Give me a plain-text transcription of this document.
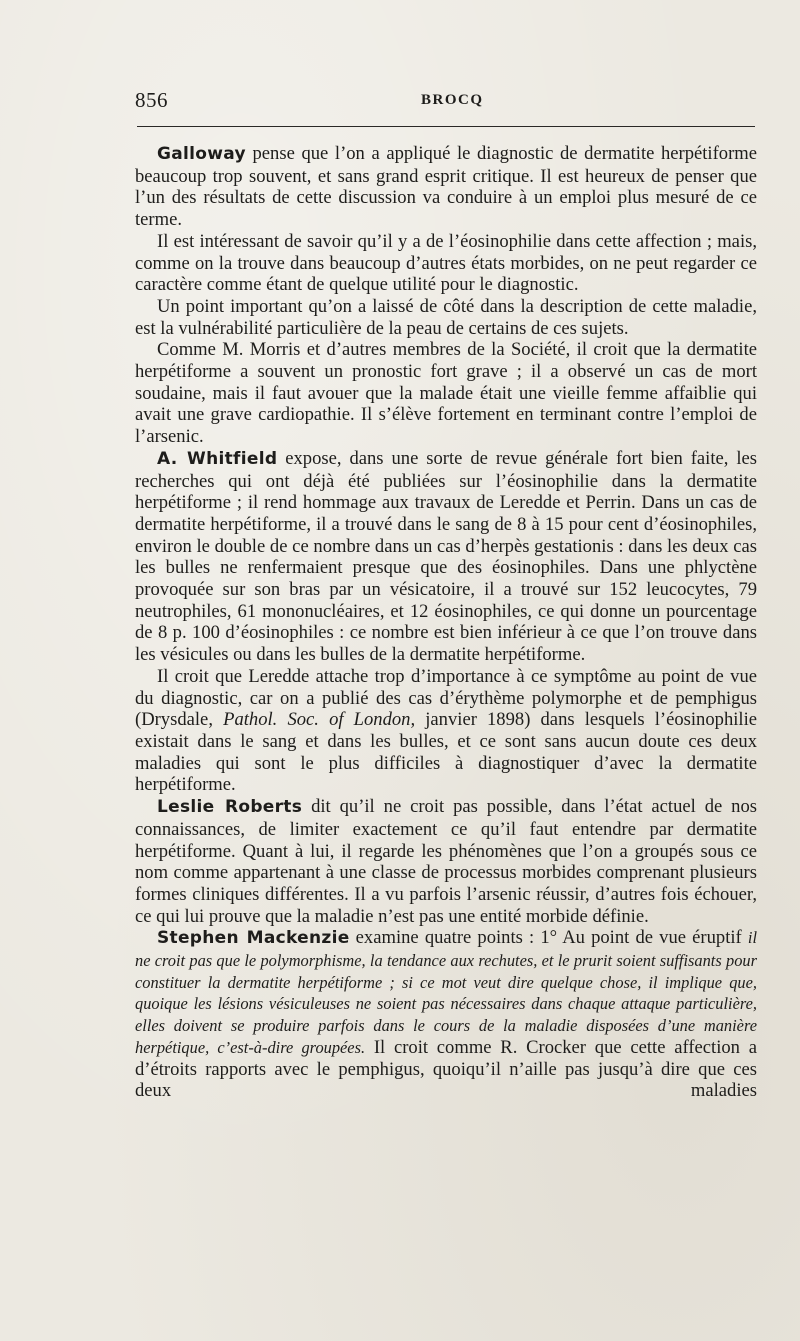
856	BROCQ

Galloway pense que l’on a appliqué le diagnostic de dermatite herpétiforme beaucoup trop souvent, et sans grand esprit critique. Il est heureux de penser que l’un des résultats de cette discussion va conduire à un emploi plus mesuré de ce terme.

Il est intéressant de savoir qu’il y a de l’éosinophilie dans cette affection ; mais, comme on la trouve dans beaucoup d’autres états morbides, on ne peut regarder ce caractère comme étant de quelque utilité pour le diagnostic.

Un point important qu’on a laissé de côté dans la description de cette maladie, est la vulnérabilité particulière de la peau de certains de ces sujets.

Comme M. Morris et d’autres membres de la Société, il croit que la dermatite herpétiforme a souvent un pronostic fort grave ; il a observé un cas de mort soudaine, mais il faut avouer que la malade était une vieille femme affaiblie qui avait une grave cardiopathie. Il s’élève fortement en terminant contre l’emploi de l’arsenic.

A. Whitfield expose, dans une sorte de revue générale fort bien faite, les recherches qui ont déjà été publiées sur l’éosinophilie dans la dermatite herpétiforme ; il rend hommage aux travaux de Leredde et Perrin. Dans un cas de dermatite herpétiforme, il a trouvé dans le sang de 8 à 15 pour cent d’éosinophiles, environ le double de ce nombre dans un cas d’herpès gestationis : dans les deux cas les bulles ne renfermaient presque que des éosinophiles. Dans une phlyctène provoquée sur son bras par un vésicatoire, il a trouvé sur 152 leucocytes, 79 neutrophiles, 61 mononucléaires, et 12 éosinophiles, ce qui donne un pourcentage de 8 p. 100 d’éosinophiles : ce nombre est bien inférieur à ce que l’on trouve dans les vésicules ou dans les bulles de la dermatite herpétiforme.

Il croit que Leredde attache trop d’importance à ce symptôme au point de vue du diagnostic, car on a publié des cas d’érythème polymorphe et de pemphigus (Drysdale, Pathol. Soc. of London, janvier 1898) dans lesquels l’éosinophilie existait dans le sang et dans les bulles, et ce sont sans aucun doute ces deux maladies qui sont le plus difficiles à diagnostiquer d’avec la dermatite herpétiforme.

Leslie Roberts dit qu’il ne croit pas possible, dans l’état actuel de nos connaissances, de limiter exactement ce qu’il faut entendre par dermatite herpétiforme. Quant à lui, il regarde les phénomènes que l’on a groupés sous ce nom comme appartenant à une classe de processus morbides comprenant plusieurs formes cliniques différentes. Il a vu parfois l’arsenic réussir, d’autres fois échouer, ce qui lui prouve que la maladie n’est pas une entité morbide définie.

Stephen Mackenzie examine quatre points : 1° Au point de vue éruptif il ne croit pas que le polymorphisme, la tendance aux rechutes, et le prurit soient suffisants pour constituer la dermatite herpétiforme ; si ce mot veut dire quelque chose, il implique que, quoique les lésions vésiculeuses ne soient pas nécessaires dans chaque attaque particulière, elles doivent se produire parfois dans le cours de la maladie disposées d’une manière herpétique, c’est-à-dire groupées. Il croit comme R. Crocker que cette affection a d’étroits rapports avec le pemphigus, quoiqu’il n’aille pas jusqu’à dire que ces deux maladies
